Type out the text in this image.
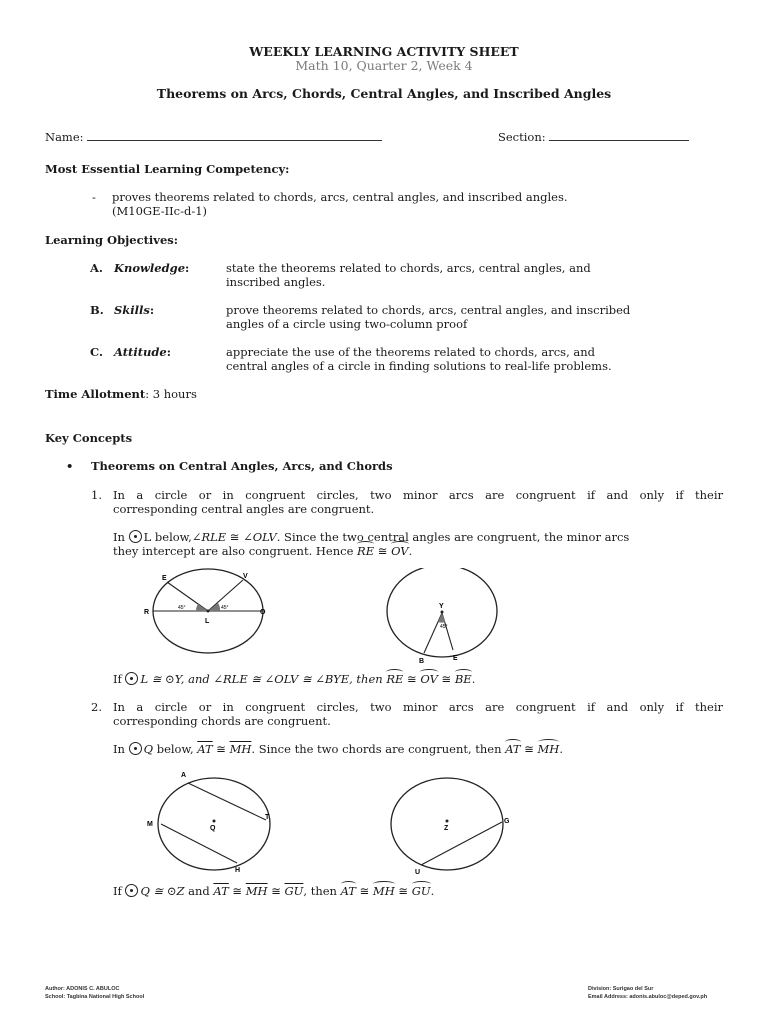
WEEKLY LEARNING ACTIVITY SHEET
Math 10, Quarter 2, Week 4
Theorems on Arcs, Chords, Central Angles, and Inscribed Angles
Name:	Section:
Most Essential Learning Competency:
- proves theorems related to chords, arcs, central angles, and inscribed angles.
(M10GE-IIc-d-1)
Learning Objectives:
A. Knowledge:	state the theorems related to chords, arcs, central angles, and
inscribed angles.
B. Skills:	prove theorems related to chords, arcs, central angles, and inscribed
angles of a circle using two-column proof
C. Attitude:	appreciate the use of the theorems related to chords, arcs, and
central angles of a circle in finding solutions to real-life problems.
Time Allotment: 3 hours
Key Concepts
• Theorems on Central Angles, Arcs, and Chords
1. In a circle or in congruent circles, two minor arcs are congruent if and only if their
corresponding central angles are congruent.
In L below,∠RLE ≅ ∠OLV. Since the two central angles are congruent, the minor arcs
they intercept are also congruent. Hence RE ≅ OV.
E	V
R	O
L
45°	45°	Y
B	E
45°
If L ≅ ⊙Y, and ∠RLE ≅ ∠OLV ≅ ∠BYE, then RE ≅ OV ≅ BE.
2. In a circle or in congruent circles, two minor arcs are congruent if and only if their
corresponding chords are congruent.
In Q below, $\overline{AT}$ ≅ $\overline{MH}$. Since the two chords are congruent, then AT ≅ MH.
A
M
T
H
Q	Z
G
U
If Q ≅ ⊙Z and $\overline{AT}$ ≅ $\overline{MH}$ ≅ $\overline{GU}$, then AT ≅ MH ≅ GU.
Author: ADONIS C. ABULOC
School: Tagbina National High School
Division: Surigao del Sur
Email Address: adonis.abuloc@deped.gov.ph
